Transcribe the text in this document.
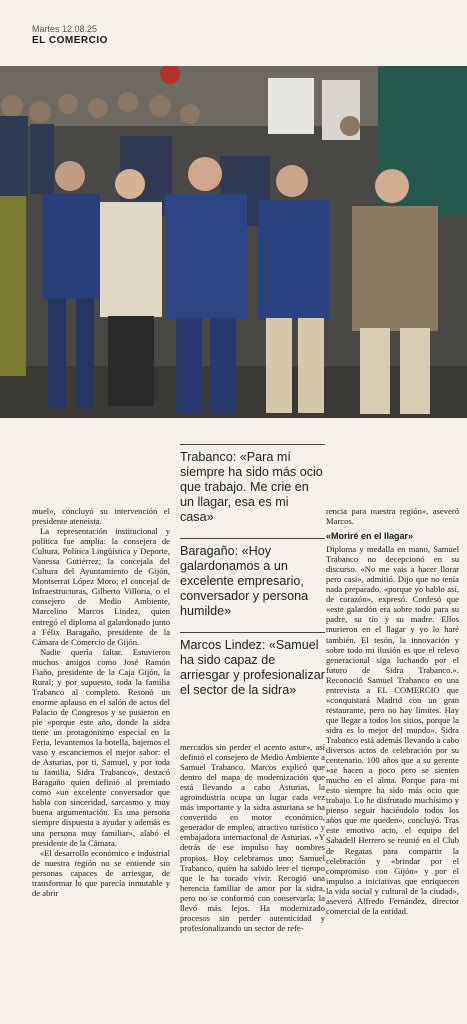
Martes 12.08.25
EL COMERCIO
Trabanco: «Para mí siempre ha sido más ocio que trabajo. Me crie en un llagar, esa es mi casa»
Baragaño: «Hoy galardonamos a un excelente empresario, conversador y persona humilde»
Marcos Lindez: «Samuel ha sido capaz de arriesgar y profesionalizar el sector de la sidra»

muel», concluyó su intervención el presidente ateneísta.

La representación institucional y política fue amplia: la consejera de Cultura, Política Lingüística y Deporte, Vanessa Gutiérrez; la concejala del Cultura del Ayuntamiento de Gijón, Montserrat López Moro; el concejal de Infraestructuras, Gilberto Villoria, o el consejero de Medio Ambiente, Marcelino Marcos Lindez, quien entregó el diploma al galardonado junto a Félix Baragaño, presidente de la Cámara de Comercio de Gijón.

Nadie quería faltar. Estuvieron muchos amigos como José Ramón Fiaño, presidente de la Caja Gijón, la Rural; y por supuesto, toda la familia Trabanco al completo. Resonó un enorme aplauso en el salón de actos del Palacio de Congresos y se pusieron en pie «porque este año, donde la sidra tiene un protagonismo especial en la Feria, levantemos la botella, bajemos el vaso y escanciemos el mejor sabor: el de Asturias, por ti, Samuel, y por toda tu familia, Sidra Trabanco», destacó Baragaño quien definió al premiado como «un excelente conversador que habla con sinceridad, sarcasmo y muy buena argumentación. Es una persona siempre dispuesta a ayudar y además es una persona muy familiar», alabó el presidente de la Cámara.

«El desarrollo económico e industrial de nuestra región no se entiende sin personas capaces de arriesgar, de transformar lo que parecía inmutable y de abrir

mercados sin perder el acento astur», así definió el consejero de Medio Ambiente a Samuel Trabanco. Marcos explicó que dentro del mapa de modernización que está llevando a cabo Asturias, la agroindustria ocupa un lugar cada vez más importante y la sidra asturiana se ha convertido en motor económico, generador de empleo, atractivo turístico y embajadora internacional de Asturias. «Y detrás de ese impulso hay nombres propios. Hoy celebramos uno: Samuel Trabanco, quien ha sabido leer el tiempo que le ha tocado vivir. Recogió una herencia familiar de amor por la sidra, pero no se conformó con conservarla: la llevó más lejos. Ha modernizado procesos sin perder autenticidad y profesionalizando un sector de refe-

rencia para nuestra región», aseveró Marcos.

«Moriré en el llagar»

Diploma y medalla en mano, Samuel Trabanco no decepcionó en su discurso. «No me vais a hacer llorar pero casi», admitió. Dijo que no tenía nada preparado, «porque yo hablo así, de corazón», expresó. Confesó que «este galardón era sobre todo para su padre, su tío y su madre. Ellos murieron en el llagar y yo lo haré también. El tesón, la innovación y sobre todo mi ilusión es que el relevo generacional siga luchando por el futuro de Sidra Trabanco.». Reconoció Samuel Trabanco en una entrevista a EL COMERCIO que «conquistará Madrid con un gran restaurante, pero no hay límites. Hay que llegar a todos los sitios, porque la sidra es lo mejor del mundo». Sidra Trabanco está además llevando a cabo diversos actos de celebración por su centenario. 100 años que a su gerente «se hacen a poco pero se sienten mucho en el alma. Porque para mí esto siempre ha sido más ocio que trabajo. Lo he disfrutado muchísimo y pienso seguir haciéndolo todos los años que me queden», concluyó. Tras este emotivo acto, el equipo del Sabadell Herrero se reunió en el Club de Regatas para compartir la celebración y «brindar por el compromiso con Gijón» y por el impulso a iniciativas que enriquecen la vida social y cultural de la ciudad», aseveró Alfredo Fernández, director comercial de la entidad.
